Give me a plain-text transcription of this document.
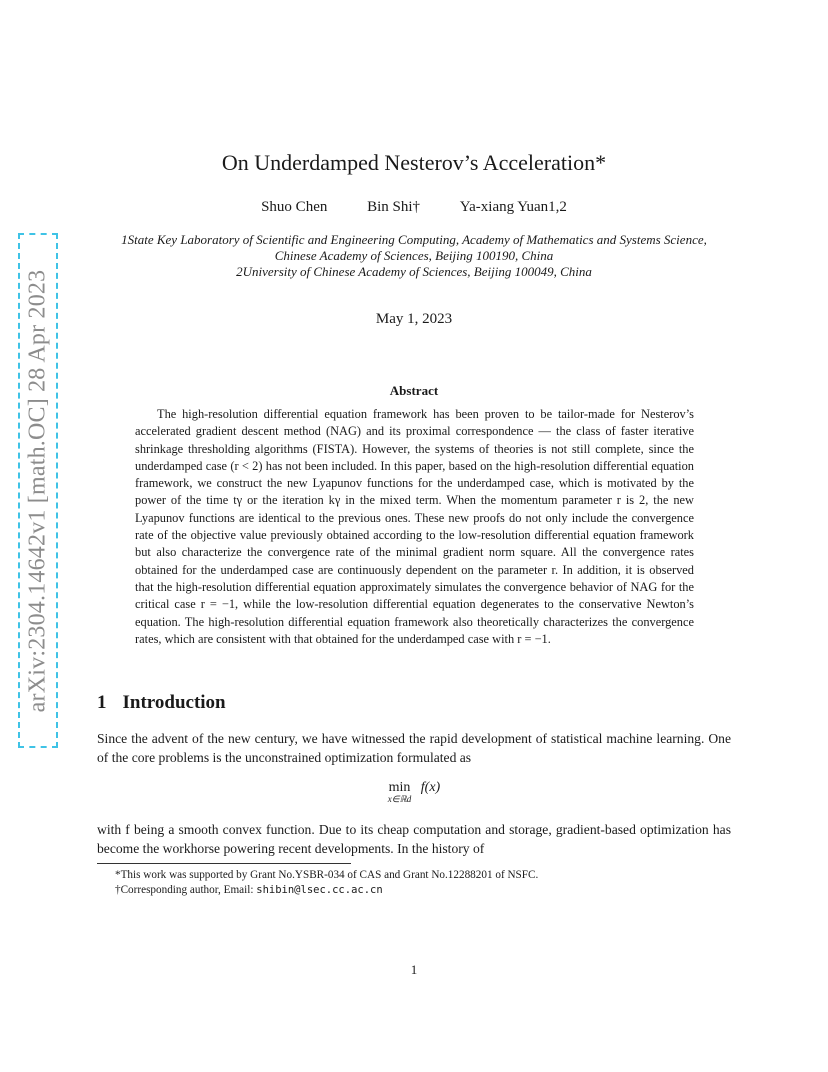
arXiv:2304.14642v1 [math.OC] 28 Apr 2023
On Underdamped Nesterov’s Acceleration*
Shuo Chen	Bin Shi†	Ya-xiang Yuan1,2
1State Key Laboratory of Scientific and Engineering Computing, Academy of Mathematics and Systems Science, Chinese Academy of Sciences, Beijing 100190, China
2University of Chinese Academy of Sciences, Beijing 100049, China
May 1, 2023
Abstract
The high-resolution differential equation framework has been proven to be tailor-made for Nesterov’s accelerated gradient descent method (NAG) and its proximal correspondence — the class of faster iterative shrinkage thresholding algorithms (FISTA). However, the systems of theories is not still complete, since the underdamped case (r < 2) has not been included. In this paper, based on the high-resolution differential equation framework, we construct the new Lyapunov functions for the underdamped case, which is motivated by the power of the time tγ or the iteration kγ in the mixed term. When the momentum parameter r is 2, the new Lyapunov functions are identical to the previous ones. These new proofs do not only include the convergence rate of the objective value previously obtained according to the low-resolution differential equation framework but also characterize the convergence rate of the minimal gradient norm square. All the convergence rates obtained for the underdamped case are continuously dependent on the parameter r. In addition, it is observed that the high-resolution differential equation approximately simulates the convergence behavior of NAG for the critical case r = −1, while the low-resolution differential equation degenerates to the conservative Newton’s equation. The high-resolution differential equation framework also theoretically characterizes the convergence rates, which are consistent with that obtained for the underdamped case with r = −1.
1 Introduction
Since the advent of the new century, we have witnessed the rapid development of statistical machine learning. One of the core problems is the unconstrained optimization formulated as
min
x∈ℝd
f(x)
with f being a smooth convex function. Due to its cheap computation and storage, gradient-based optimization has become the workhorse powering recent developments. In the history of
*This work was supported by Grant No.YSBR-034 of CAS and Grant No.12288201 of NSFC.
†Corresponding author, Email: shibin@lsec.cc.ac.cn
1
